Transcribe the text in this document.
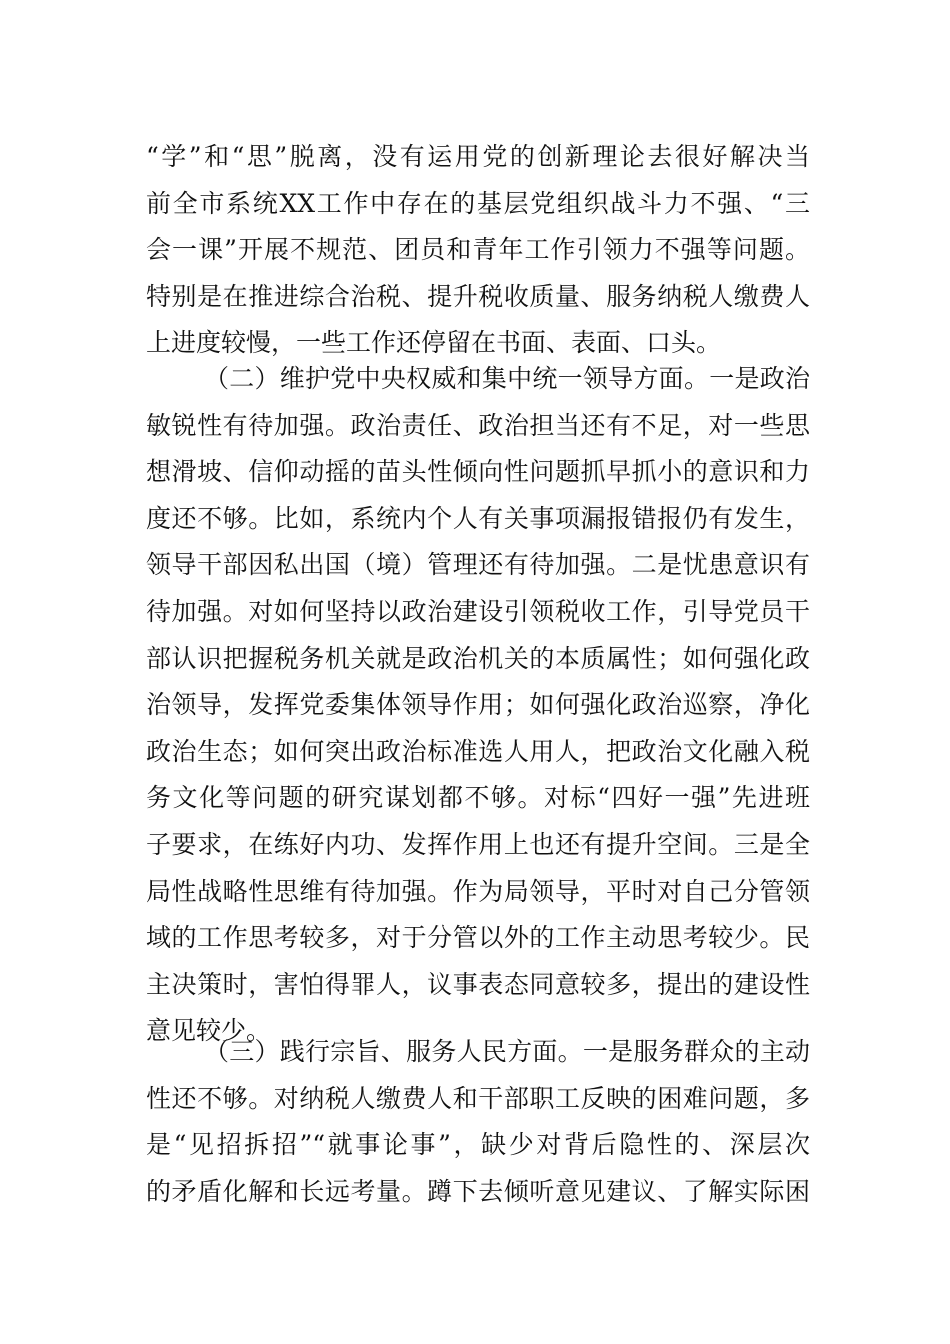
“学”和“思”脱离，没有运用党的创新理论去很好解决当
前全市系统XX工作中存在的基层党组织战斗力不强、“三
会一课”开展不规范、团员和青年工作引领力不强等问题。
特别是在推进综合治税、提升税收质量、服务纳税人缴费人
上进度较慢，一些工作还停留在书面、表面、口头。
（二）维护党中央权威和集中统一领导方面。一是政治
敏锐性有待加强。政治责任、政治担当还有不足，对一些思
想滑坡、信仰动摇的苗头性倾向性问题抓早抓小的意识和力
度还不够。比如，系统内个人有关事项漏报错报仍有发生，
领导干部因私出国（境）管理还有待加强。二是忧患意识有
待加强。对如何坚持以政治建设引领税收工作，引导党员干
部认识把握税务机关就是政治机关的本质属性；如何强化政
治领导，发挥党委集体领导作用；如何强化政治巡察，净化
政治生态；如何突出政治标准选人用人，把政治文化融入税
务文化等问题的研究谋划都不够。对标“四好一强”先进班
子要求，在练好内功、发挥作用上也还有提升空间。三是全
局性战略性思维有待加强。作为局领导，平时对自己分管领
域的工作思考较多，对于分管以外的工作主动思考较少。民
主决策时，害怕得罪人，议事表态同意较多，提出的建设性
意见较少。
（三）践行宗旨、服务人民方面。一是服务群众的主动
性还不够。对纳税人缴费人和干部职工反映的困难问题，多
是“见招拆招”“就事论事”，缺少对背后隐性的、深层次
的矛盾化解和长远考量。蹲下去倾听意见建议、了解实际困
